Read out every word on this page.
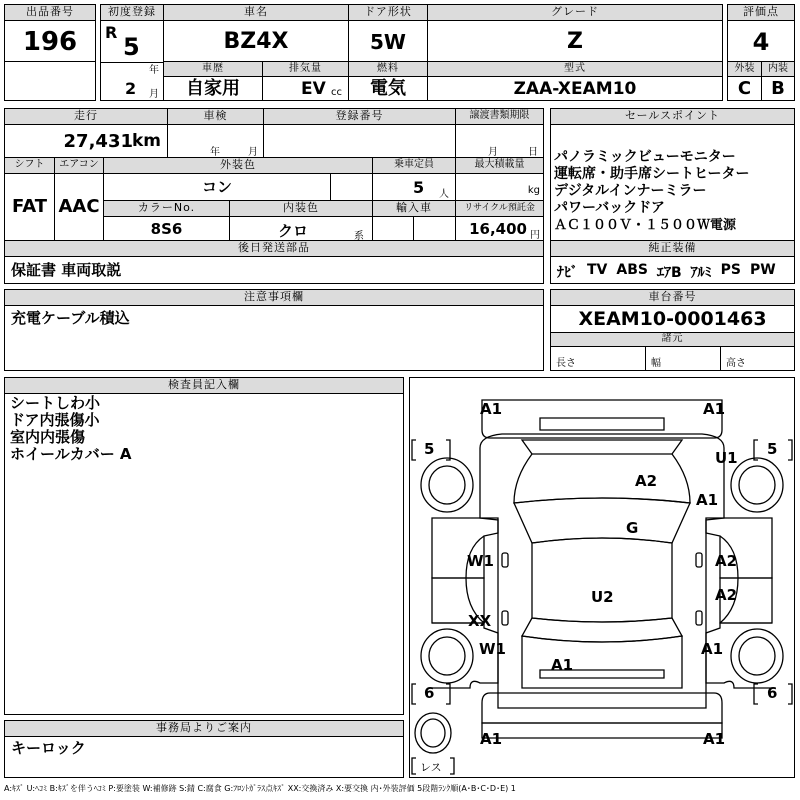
出品番号
196
初度登録
R
5
年
2 月
車名
BZ4X
ドア形状
5W
グレード
Z
評価点
4
車歴
自家用
排気量
EV cc
燃料
電気
型式
ZAA-XEAM10
外装
C
内装
B
走行
27,431
km
車検
年	月
登録番号	譲渡書類期限
月	日
シフト
FAT
エアコン
AAC
外装色
コン
乗車定員
5 人
最大積載量
kg
カラーNo.
8S6
内装色
クロ	系
輸入車	リサイクル預託金
16,400 円
後日発送部品
保証書 車両取説
セールスポイント
パノラミックビューモニター
運転席・助手席シートヒーター
デジタルインナーミラー
パワーバックドア
ＡＣ１００Ｖ・１５００Ｗ電源
純正装備
ﾅﾋﾞ TV ABS ｴｱB ｱﾙﾐ PS PW
注意事項欄
充電ケーブル積込
車台番号
XEAM10-0001463
諸元
長さ	幅	高さ
検査員記入欄
シートしわ小
ドア内張傷小
室内内張傷
ホイールカバー A
事務局よりご案内
キーロック
A1	A1
5	5
U1
A2
A1
G
W1	A2
U2	A2
XX
W1	A1
A1
6	6
A1	A1
レス
A:ｷｽﾞ U:ﾍｺﾐ B:ｷｽﾞを伴うﾍｺﾐ P:要塗装 W:補修跡 S:錆 C:腐食 G:ﾌﾛﾝﾄｶﾞﾗｽ点ｷｽﾞ XX:交換済み X:要交換 内･外装評価 5段階ﾗﾝｸ順(A･B･C･D･E) 1
